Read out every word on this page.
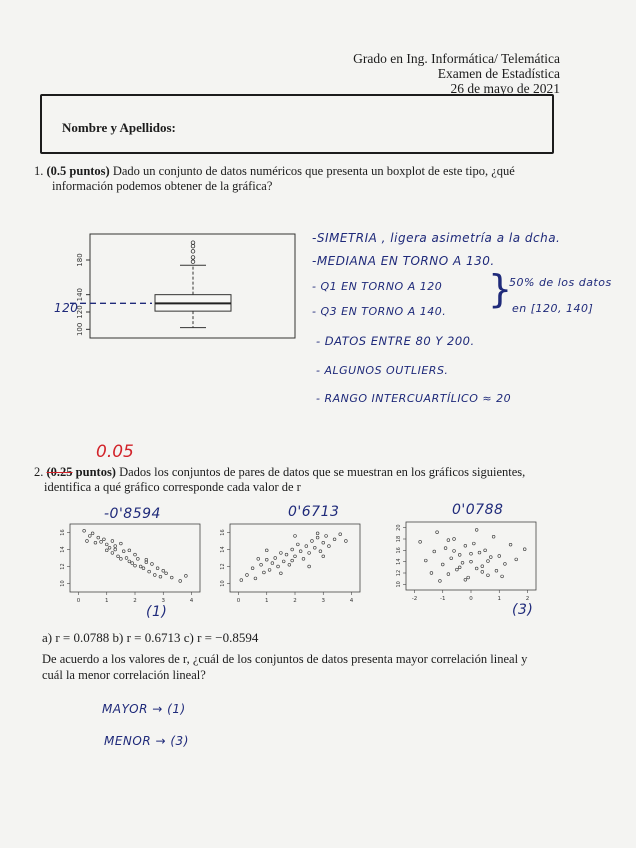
Grado en Ing. Informática/ Telemática
Examen de Estadística
26 de mayo de 2021
Nombre y Apellidos:
1. (0.5 puntos) Dado un conjunto de datos numéricos que presenta un boxplot de este tipo, ¿qué
información podemos obtener de la gráfica?
100
120
140
180
120
-SIMETRIA , ligera asimetría a la dcha.
-MEDIANA EN TORNO A 130.
- Q1 EN TORNO A 120
- Q3 EN TORNO A 140.
}
50% de los datos
en [120, 140]
- DATOS ENTRE 80 Y 200.
- ALGUNOS OUTLIERS.
- RANGO INTERCUARTÍLICO ≈ 20
0.05
2. (0.25 puntos) Dados los conjuntos de pares de datos que se muestran en los gráficos siguientes,
identifica a qué gráfico corresponde cada valor de r
-0'8594	0'6713	0'0788
0	1	2	3	4
10
12
14
16
0	1	2	3	4
10
12
14
16
-2	-1	0	1	2
10
12
14
16
18
20
(1)	(3)
a) r = 0.0788 b) r = 0.6713 c) r = −0.8594
De acuerdo a los valores de r, ¿cuál de los conjuntos de datos presenta mayor correlación lineal y
cuál la menor correlación lineal?
MAYOR → (1)
MENOR → (3)
